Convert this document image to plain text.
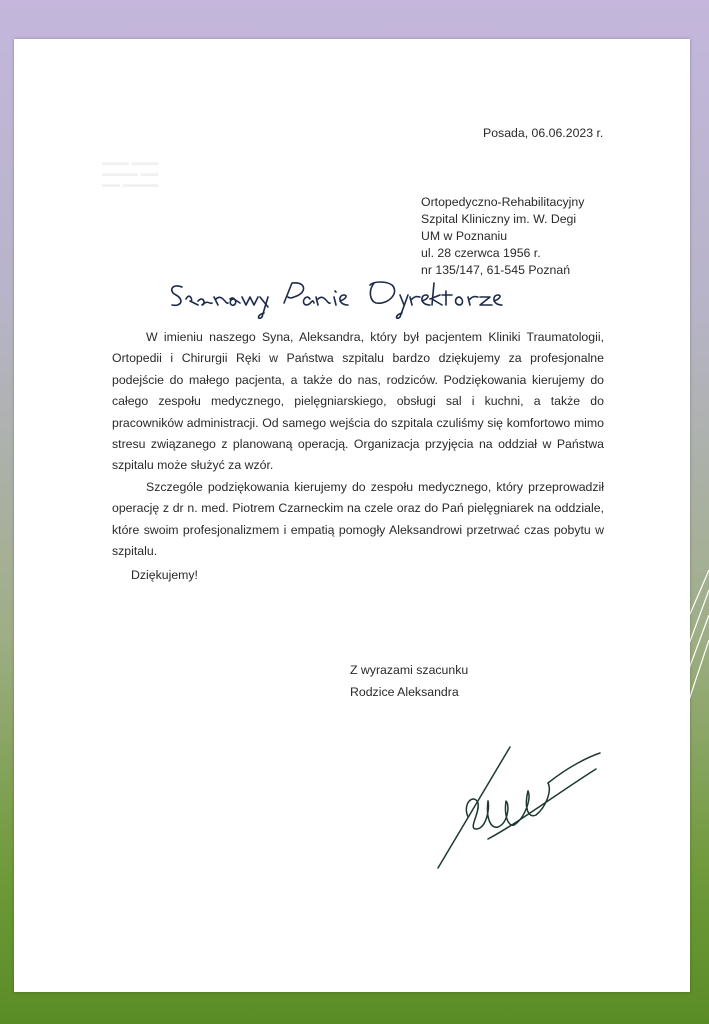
▬▬▬ ▬▬▬
▬▬▬▬ ▬▬
▬▬ ▬▬▬▬
Posada, 06.06.2023 r.
Ortopedyczno-Rehabilitacyjny
Szpital Kliniczny im. W. Degi
UM w Poznaniu
ul. 28 czerwca 1956 r.
nr 135/147, 61-545 Poznań

W imieniu naszego Syna, Aleksandra, który był pacjentem Kliniki Traumatologii, Ortopedii i Chirurgii Ręki w Państwa szpitalu bardzo dziękujemy za profesjonalne podejście do małego pacjenta, a także do nas, rodziców. Podziękowania kierujemy do całego zespołu medycznego, pielęgniarskiego, obsługi sal i kuchni, a także do pracowników administracji. Od samego wejścia do szpitala czuliśmy się komfortowo mimo stresu związanego z planowaną operacją. Organizacja przyjęcia na oddział w Państwa szpitalu może służyć za wzór.

Szczególe podziękowania kierujemy do zespołu medycznego, który przeprowadził operację z dr n. med. Piotrem Czarneckim na czele oraz do Pań pielęgniarek na oddziale, które swoim profesjonalizmem i empatią pomogły Aleksandrowi przetrwać czas pobytu w szpitalu.

Dziękujemy!
Z wyrazami szacunku
Rodzice Aleksandra
